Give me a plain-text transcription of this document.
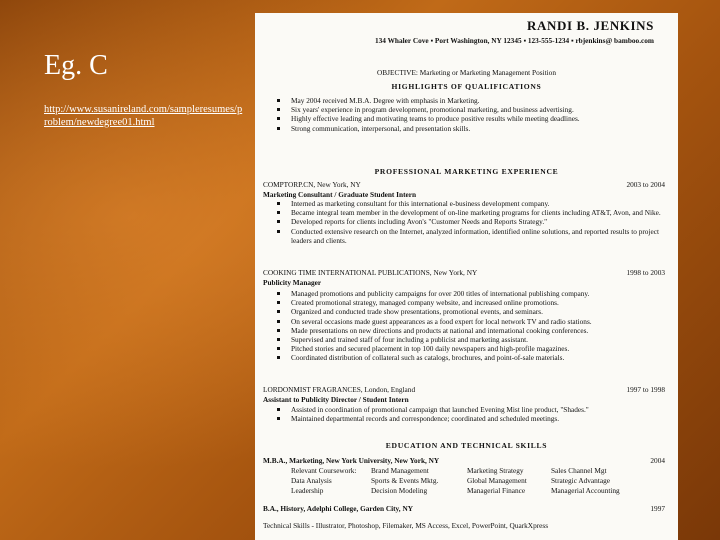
Eg. C
http://www.susanireland.com/sampleresumes/problem/newdegree01.html
RANDI B. JENKINS
134 Whaler Cove ▪ Port Washington, NY 12345 ▪ 123-555-1234 ▪ rbjenkins@ bamboo.com
OBJECTIVE: Marketing or Marketing Management Position
HIGHLIGHTS OF QUALIFICATIONS
May 2004 received M.B.A. Degree with emphasis in Marketing.
Six years' experience in program development, promotional marketing, and business advertising.
Highly effective leading and motivating teams to produce positive results while meeting deadlines.
Strong communication, interpersonal, and presentation skills.
PROFESSIONAL MARKETING EXPERIENCE
COMPTORP.CN, New York, NY	2003 to 2004
Marketing Consultant / Graduate Student Intern
Interned as marketing consultant for this international e-business development company.
Became integral team member in the development of on-line marketing programs for clients including AT&T, Avon, and Nike.
Developed reports for clients including Avon's "Customer Needs and Reports Strategy."
Conducted extensive research on the Internet, analyzed information, identified online solutions, and reported results to project leaders and clients.
COOKING TIME INTERNATIONAL PUBLICATIONS, New York, NY	1998 to 2003
Publicity Manager
Managed promotions and publicity campaigns for over 200 titles of international publishing company.
Created promotional strategy, managed company website, and increased online promotions.
Organized and conducted trade show presentations, promotional events, and seminars.
On several occasions made guest appearances as a food expert for local network TV and radio stations.
Made presentations on new directions and products at national and international cooking conferences.
Supervised and trained staff of four including a publicist and marketing assistant.
Pitched stories and secured placement in top 100 daily newspapers and high-profile magazines.
Coordinated distribution of collateral such as catalogs, brochures, and point-of-sale materials.
LORDONMIST FRAGRANCES, London, England	1997 to 1998
Assistant to Publicity Director / Student Intern
Assisted in coordination of promotional campaign that launched Evening Mist line product, "Shades."
Maintained departmental records and correspondence; coordinated and scheduled meetings.
EDUCATION AND TECHNICAL SKILLS
M.B.A., Marketing, New York University, New York, NY	2004
Relevant Coursework: Brand Management	Marketing Strategy	Sales Channel Mgt
Data Analysis	Sports & Events Mktg.	Global Management	Strategic Advantage
Leadership	Decision Modeling	Managerial Finance	Managerial Accounting
B.A., History, Adelphi College, Garden City, NY	1997
Technical Skills - Illustrator, Photoshop, Filemaker, MS Access, Excel, PowerPoint, QuarkXpress
